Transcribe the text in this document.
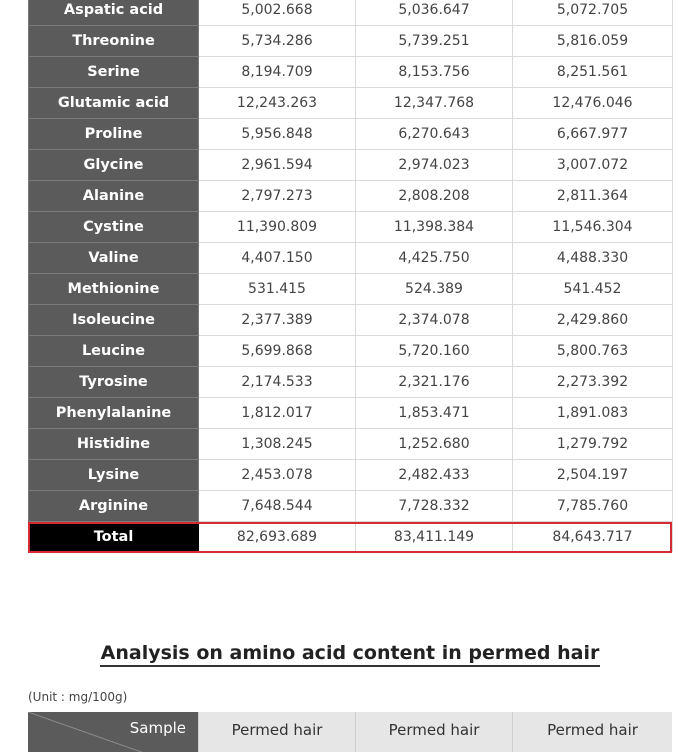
Aspatic acid	5,002.668	5,036.647	5,072.705
Threonine	5,734.286	5,739.251	5,816.059
Serine	8,194.709	8,153.756	8,251.561
Glutamic acid	12,243.263	12,347.768	12,476.046
Proline	5,956.848	6,270.643	6,667.977
Glycine	2,961.594	2,974.023	3,007.072
Alanine	2,797.273	2,808.208	2,811.364
Cystine	11,390.809	11,398.384	11,546.304
Valine	4,407.150	4,425.750	4,488.330
Methionine	531.415	524.389	541.452
Isoleucine	2,377.389	2,374.078	2,429.860
Leucine	5,699.868	5,720.160	5,800.763
Tyrosine	2,174.533	2,321.176	2,273.392
Phenylalanine	1,812.017	1,853.471	1,891.083
Histidine	1,308.245	1,252.680	1,279.792
Lysine	2,453.078	2,482.433	2,504.197
Arginine	7,648.544	7,728.332	7,785.760
Total	82,693.689	83,411.149	84,643.717
Analysis on amino acid content in permed hair
(Unit : mg/100g)
Sample	Permed hair	Permed hair	Permed hair
